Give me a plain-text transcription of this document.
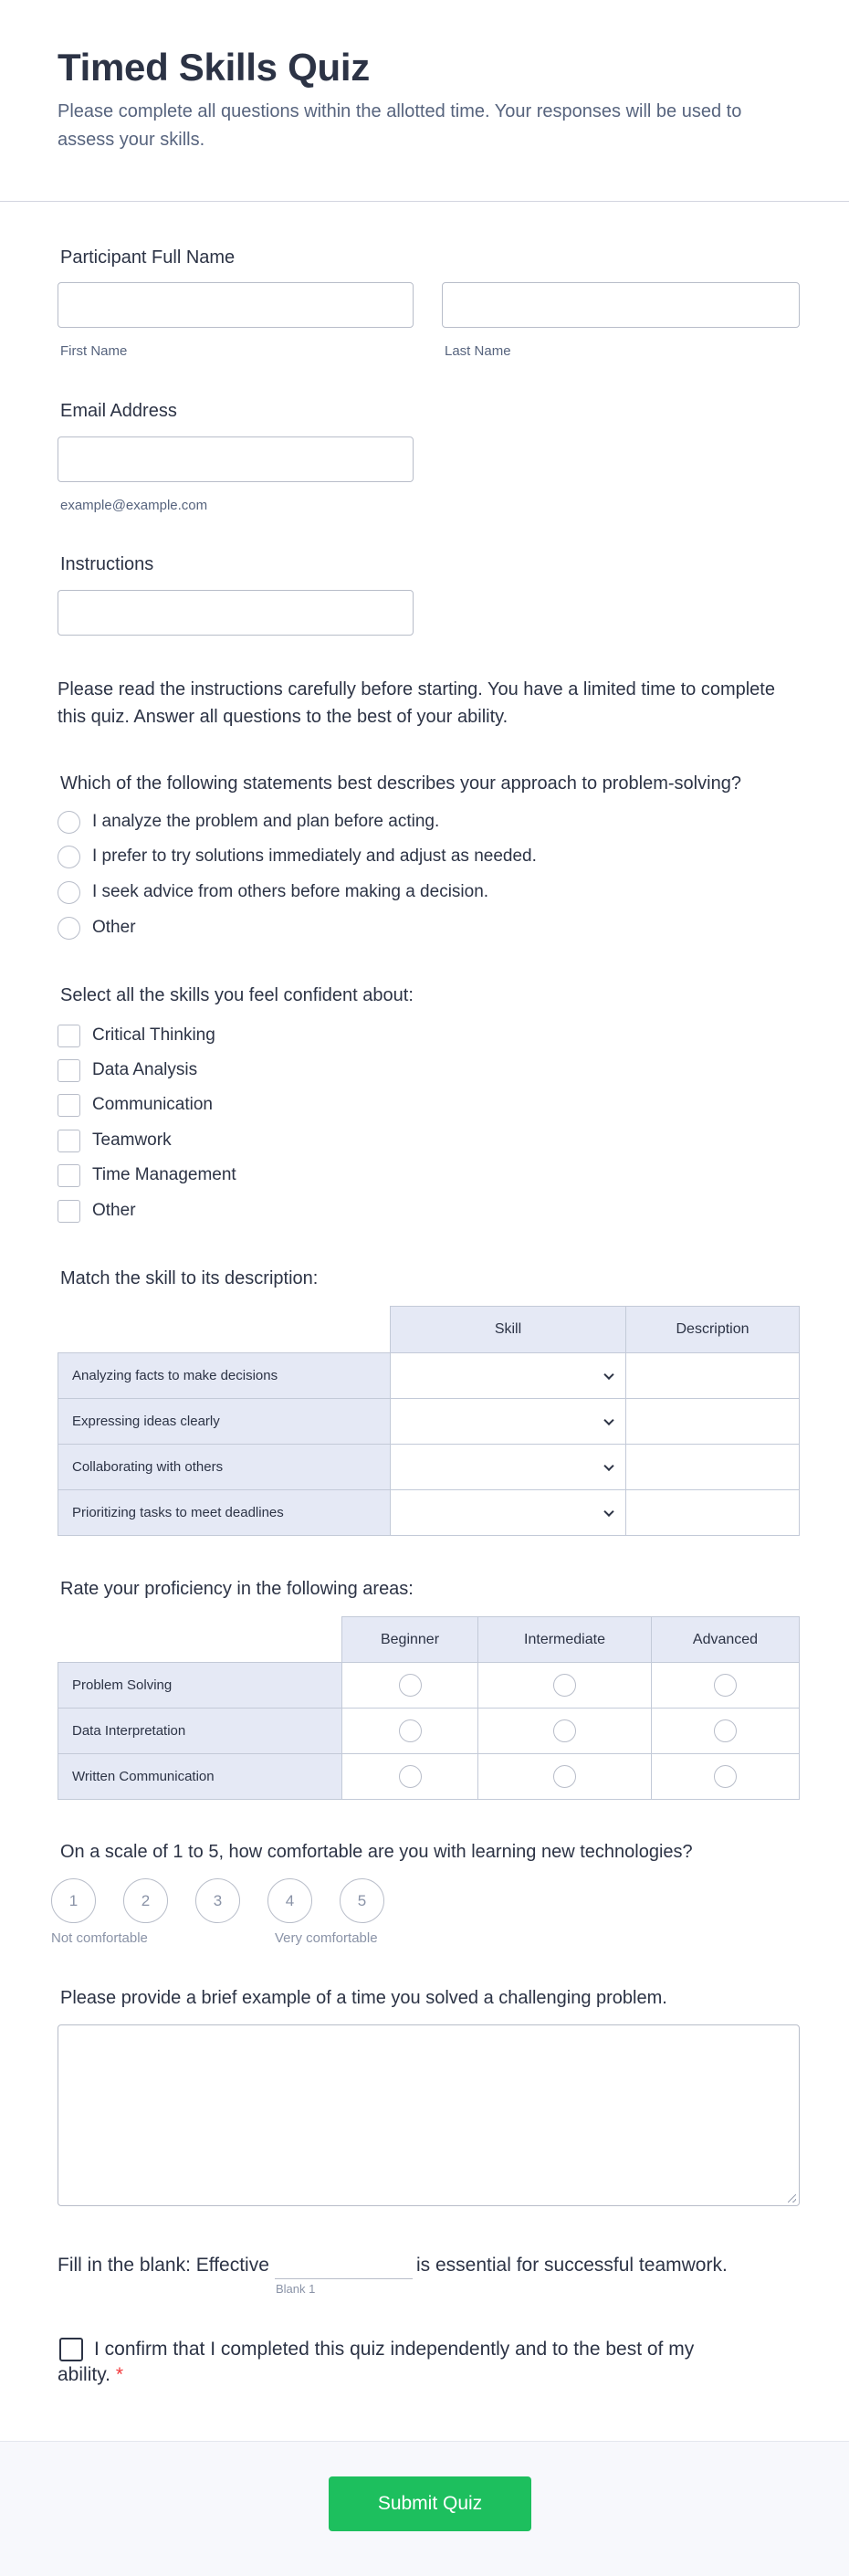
Timed Skills Quiz
Please complete all questions within the allotted time. Your responses will be used to assess your skills.
Participant Full Name
First Name	Last Name
Email Address
example@example.com
Instructions
Please read the instructions carefully before starting. You have a limited time to complete this quiz. Answer all questions to the best of your ability.
Which of the following statements best describes your approach to problem-solving?
I analyze the problem and plan before acting.
I prefer to try solutions immediately and adjust as needed.
I seek advice from others before making a decision.
Other
Select all the skills you feel confident about:
Critical Thinking
Data Analysis
Communication
Teamwork
Time Management
Other
Match the skill to its description:
	Skill	Description
Analyzing facts to make decisions	

Expressing ideas clearly	

Collaborating with others	

Prioritizing tasks to meet deadlines	

Rate your proficiency in the following areas:
	Beginner	Intermediate	Advanced
Problem Solving	

Data Interpretation	

Written Communication	

On a scale of 1 to 5, how comfortable are you with learning new technologies?
1	2	3	4	5
Not comfortable	Very comfortable
Please provide a brief example of a time you solved a challenging problem.
Fill in the blank: Effective
Blank 1
is essential for successful teamwork.
I confirm that I completed this quiz independently and to the best of my ability. *
Submit Quiz
